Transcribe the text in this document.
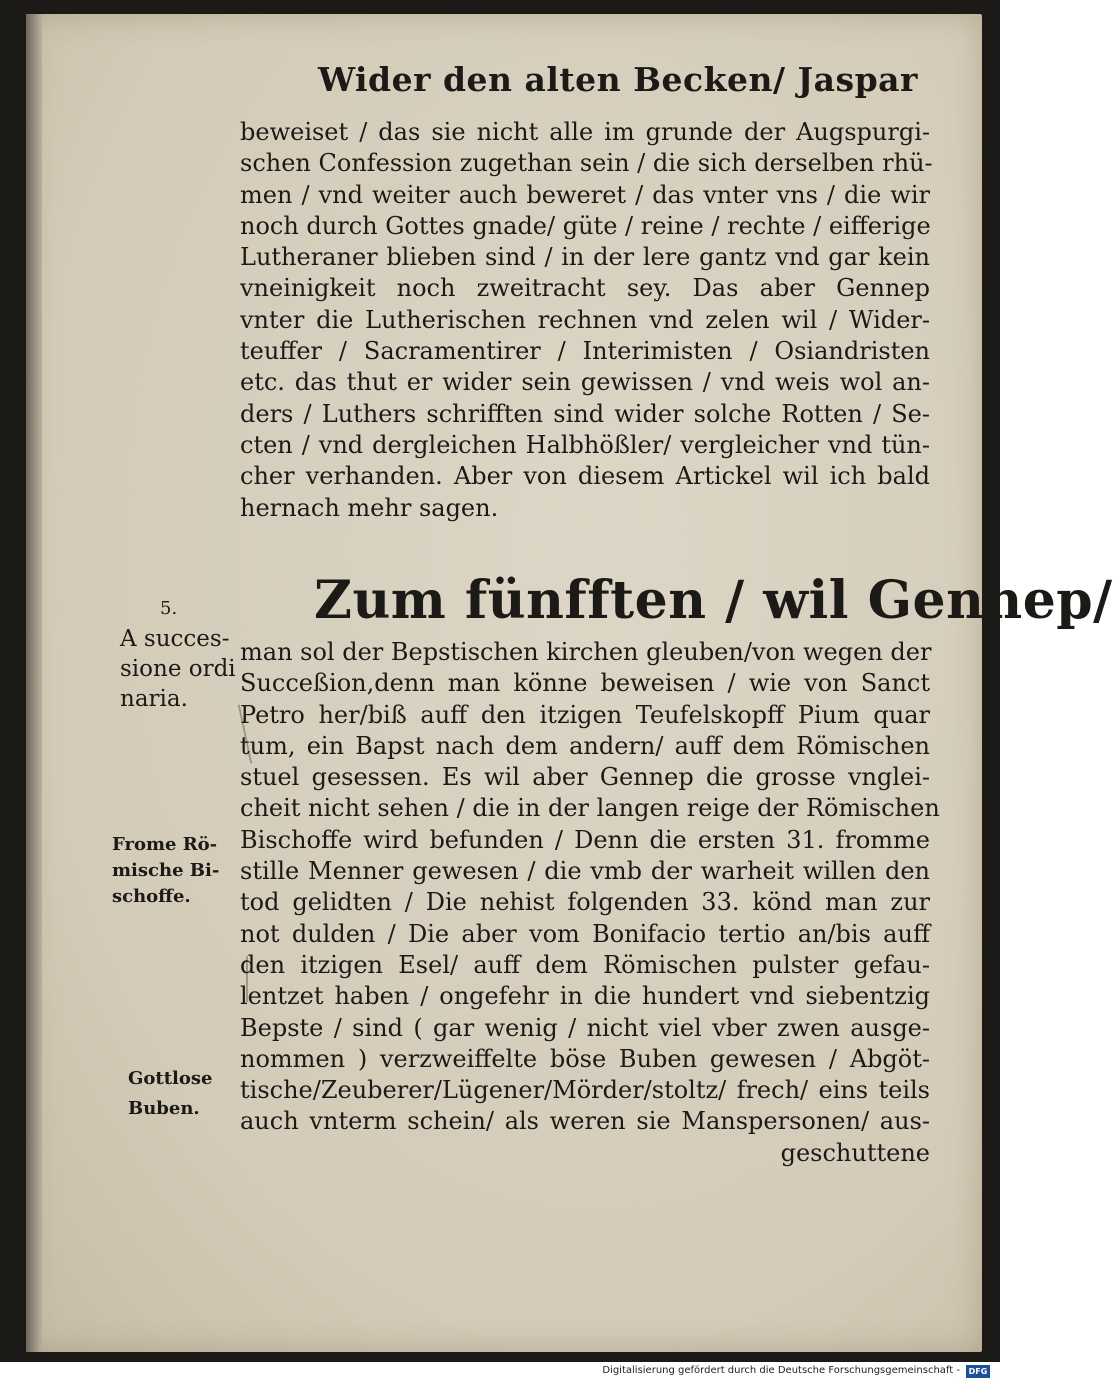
Wider den alten Becken/ Jaspar
beweiset / das sie nicht alle im grunde der Augspurgi-
schen Confession zugethan sein / die sich derselben rhü-
men / vnd weiter auch beweret / das vnter vns / die wir
noch durch Gottes gnade/ güte / reine / rechte / eifferige
Lutheraner blieben sind / in der lere gantz vnd gar kein
vneinigkeit noch zweitracht sey. Das aber Gennep
vnter die Lutherischen rechnen vnd zelen wil / Wider-
teuffer / Sacramentirer / Interimisten / Osiandristen
etc. das thut er wider sein gewissen / vnd weis wol an-
ders / Luthers schrifften sind wider solche Rotten / Se-
cten / vnd dergleichen Halbhößler/ vergleicher vnd tün-
cher verhanden. Aber von diesem Artickel wil ich bald
hernach mehr sagen.
5.
A succes-
sione ordi
naria.
Zum fünfften / wil Gennep/
man sol der Bepstischen kirchen gleuben/von wegen der
Succeßion,denn man könne beweisen / wie von Sanct
Petro her/biß auff den itzigen Teufelskopff Pium quar
tum, ein Bapst nach dem andern/ auff dem Römischen
stuel gesessen. Es wil aber Gennep die grosse vnglei-
cheit nicht sehen / die in der langen reige der Römischen
Bischoffe wird befunden / Denn die ersten 31. fromme
stille Menner gewesen / die vmb der warheit willen den
tod gelidten / Die nehist folgenden 33. könd man zur
not dulden / Die aber vom Bonifacio tertio an/bis auff
den itzigen Esel/ auff dem Römischen pulster gefau-
lentzet haben / ongefehr in die hundert vnd siebentzig
Bepste / sind ( gar wenig / nicht viel vber zwen ausge-
nommen ) verzweiffelte böse Buben gewesen / Abgöt-
tische/Zeuberer/Lügener/Mörder/stoltz/ frech/ eins teils
auch vnterm schein/ als weren sie Manspersonen/ aus-
geschuttene
Frome Rö-
mische Bi-
schoffe.
Gottlose
Buben.
Digitalisierung gefördert durch die Deutsche Forschungsgemeinschaft -	DFG
